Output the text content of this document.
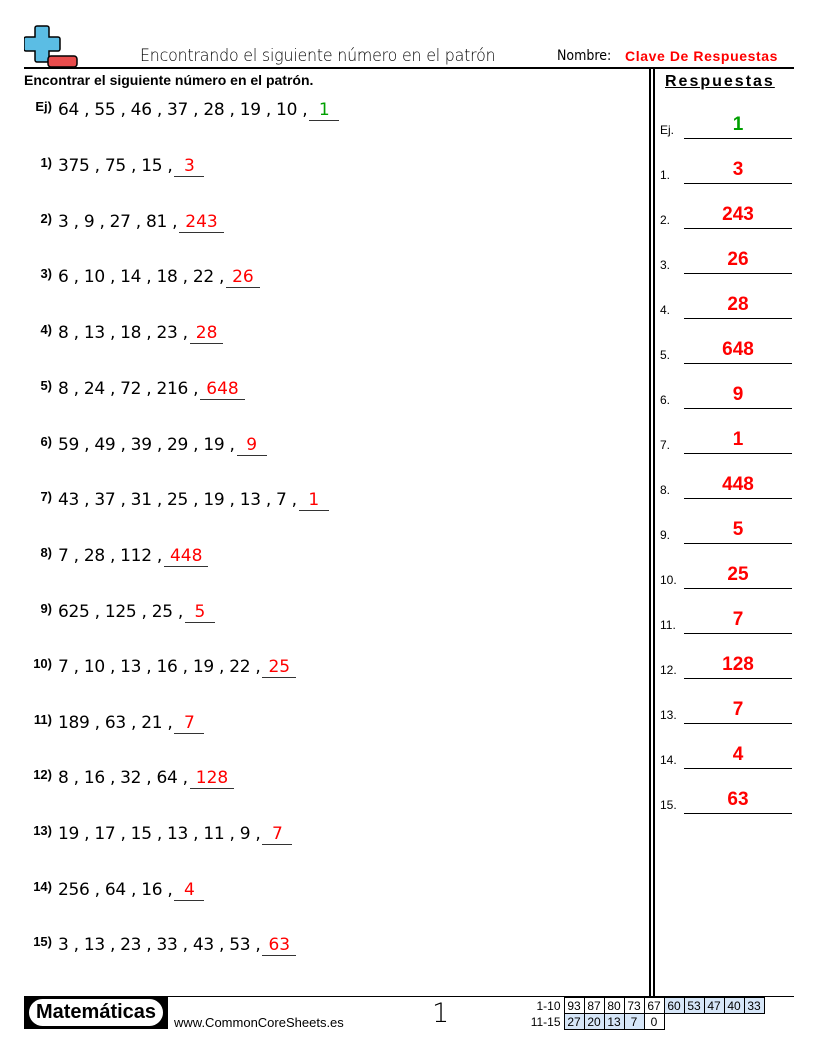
Encontrando el siguiente número en el patrón	Nombre: Clave De Respuestas
Encontrar el siguiente número en el patrón.	Respuestas
Ej) 64 , 55 , 46 , 37 , 28 , 19 , 10 , 1
1) 375 , 75 , 15 , 3
2) 3 , 9 , 27 , 81 , 243
3) 6 , 10 , 14 , 18 , 22 , 26
4) 8 , 13 , 18 , 23 , 28
5) 8 , 24 , 72 , 216 , 648
6) 59 , 49 , 39 , 29 , 19 , 9
7) 43 , 37 , 31 , 25 , 19 , 13 , 7 , 1
8) 7 , 28 , 112 , 448
9) 625 , 125 , 25 , 5
10) 7 , 10 , 13 , 16 , 19 , 22 , 25
11) 189 , 63 , 21 , 7
12) 8 , 16 , 32 , 64 , 128
13) 19 , 17 , 15 , 13 , 11 , 9 , 7
14) 256 , 64 , 16 , 4
15) 3 , 13 , 23 , 33 , 43 , 53 , 63
Ej.	1
1.	3
2.	243
3.	26
4.	28
5.	648
6.	9
7.	1
8.	448
9.	5
10.	25
11.	7
12.	128
13.	7
14.	4
15.	63
Matemáticas	www.CommonCoreSheets.es	1	1-10	93	87	80	73	67	60	53	47	40	33
11-15	27	20	13	7	0					
